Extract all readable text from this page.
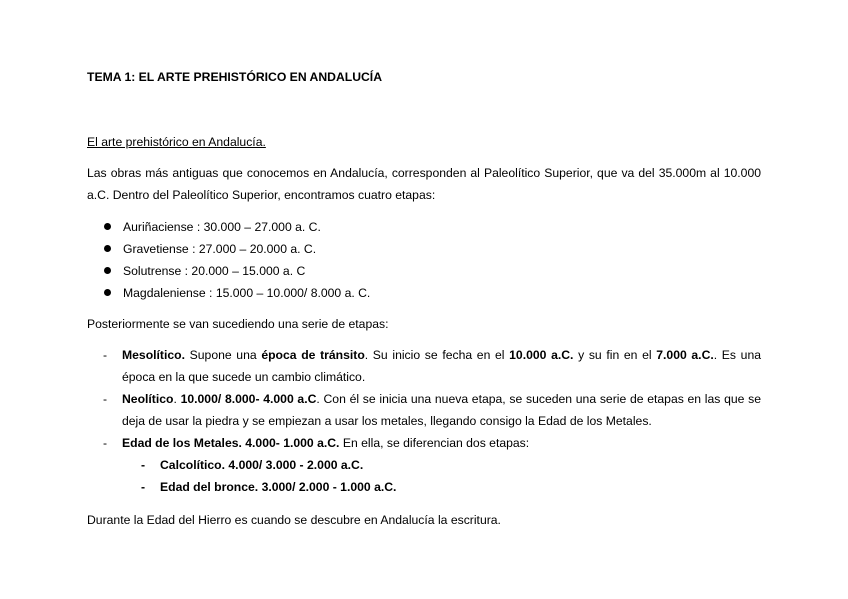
TEMA 1: EL ARTE PREHISTÓRICO EN ANDALUCÍA
El arte prehistórico en Andalucía.
Las obras más antiguas que conocemos en Andalucía, corresponden al Paleolítico Superior, que va del 35.000m al 10.000
a.C. Dentro del Paleolítico Superior, encontramos cuatro etapas:
Auriñaciense : 30.000 – 27.000 a. C.
Gravetiense : 27.000 – 20.000 a. C.
Solutrense : 20.000 – 15.000 a. C
Magdaleniense : 15.000 – 10.000/ 8.000 a. C.
Posteriormente se van sucediendo una serie de etapas:
- Mesolítico. Supone una época de tránsito. Su inicio se fecha en el 10.000 a.C. y su fin en el 7.000 a.C.. Es una época en la que sucede un cambio climático.
- Neolítico. 10.000/ 8.000- 4.000 a.C. Con él se inicia una nueva etapa, se suceden una serie de etapas en las que se deja de usar la piedra y se empiezan a usar los metales, llegando consigo la Edad de los Metales.
- Edad de los Metales. 4.000- 1.000 a.C. En ella, se diferencian dos etapas:
- Calcolítico. 4.000/ 3.000 - 2.000 a.C.
- Edad del bronce. 3.000/ 2.000 - 1.000 a.C.
Durante la Edad del Hierro es cuando se descubre en Andalucía la escritura.
